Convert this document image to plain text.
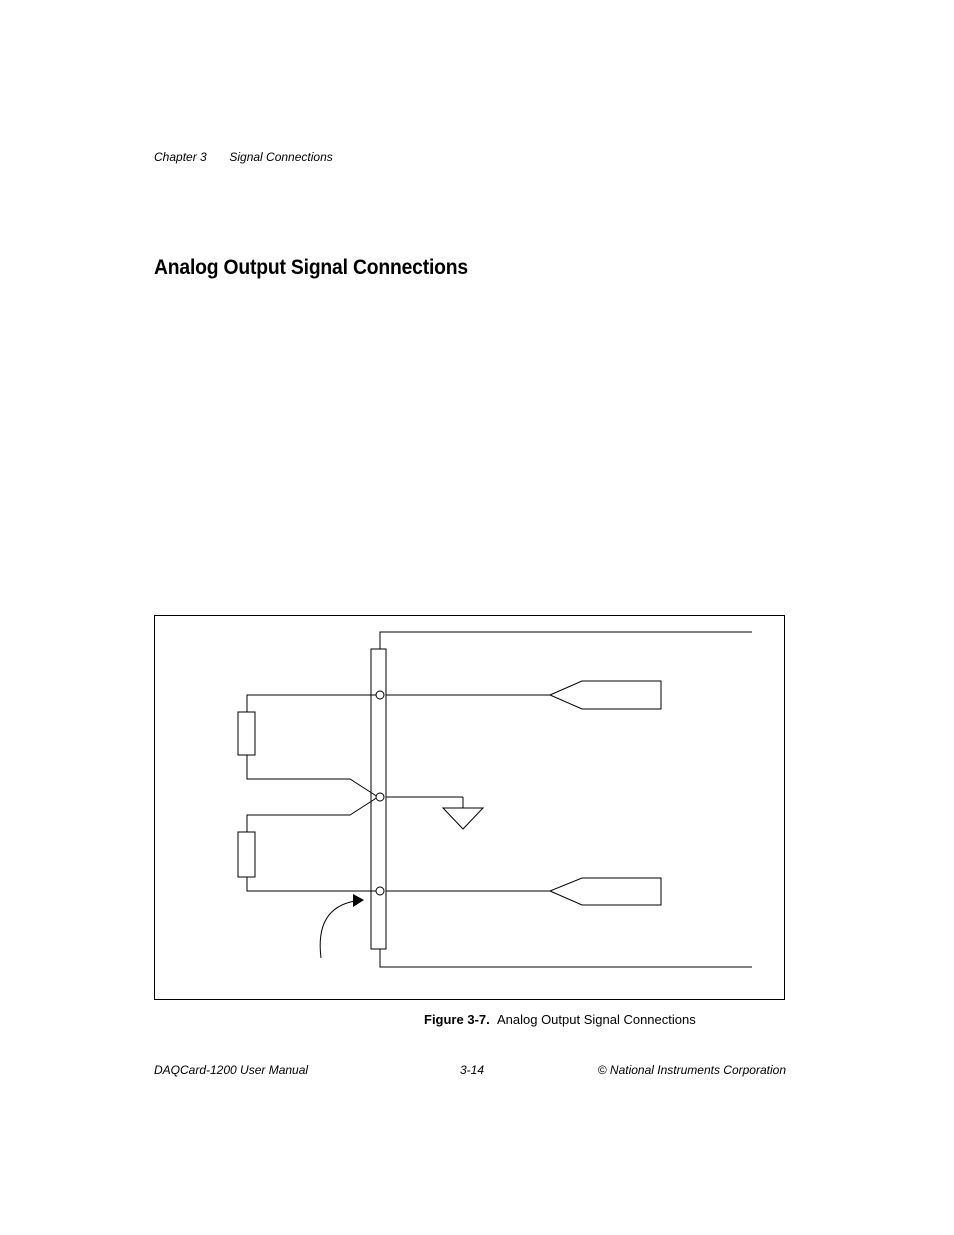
Chapter 3 Signal Connections
Analog Output Signal Connections
Figure 3-7. Analog Output Signal Connections
DAQCard-1200 User Manual	3-14	© National Instruments Corporation
